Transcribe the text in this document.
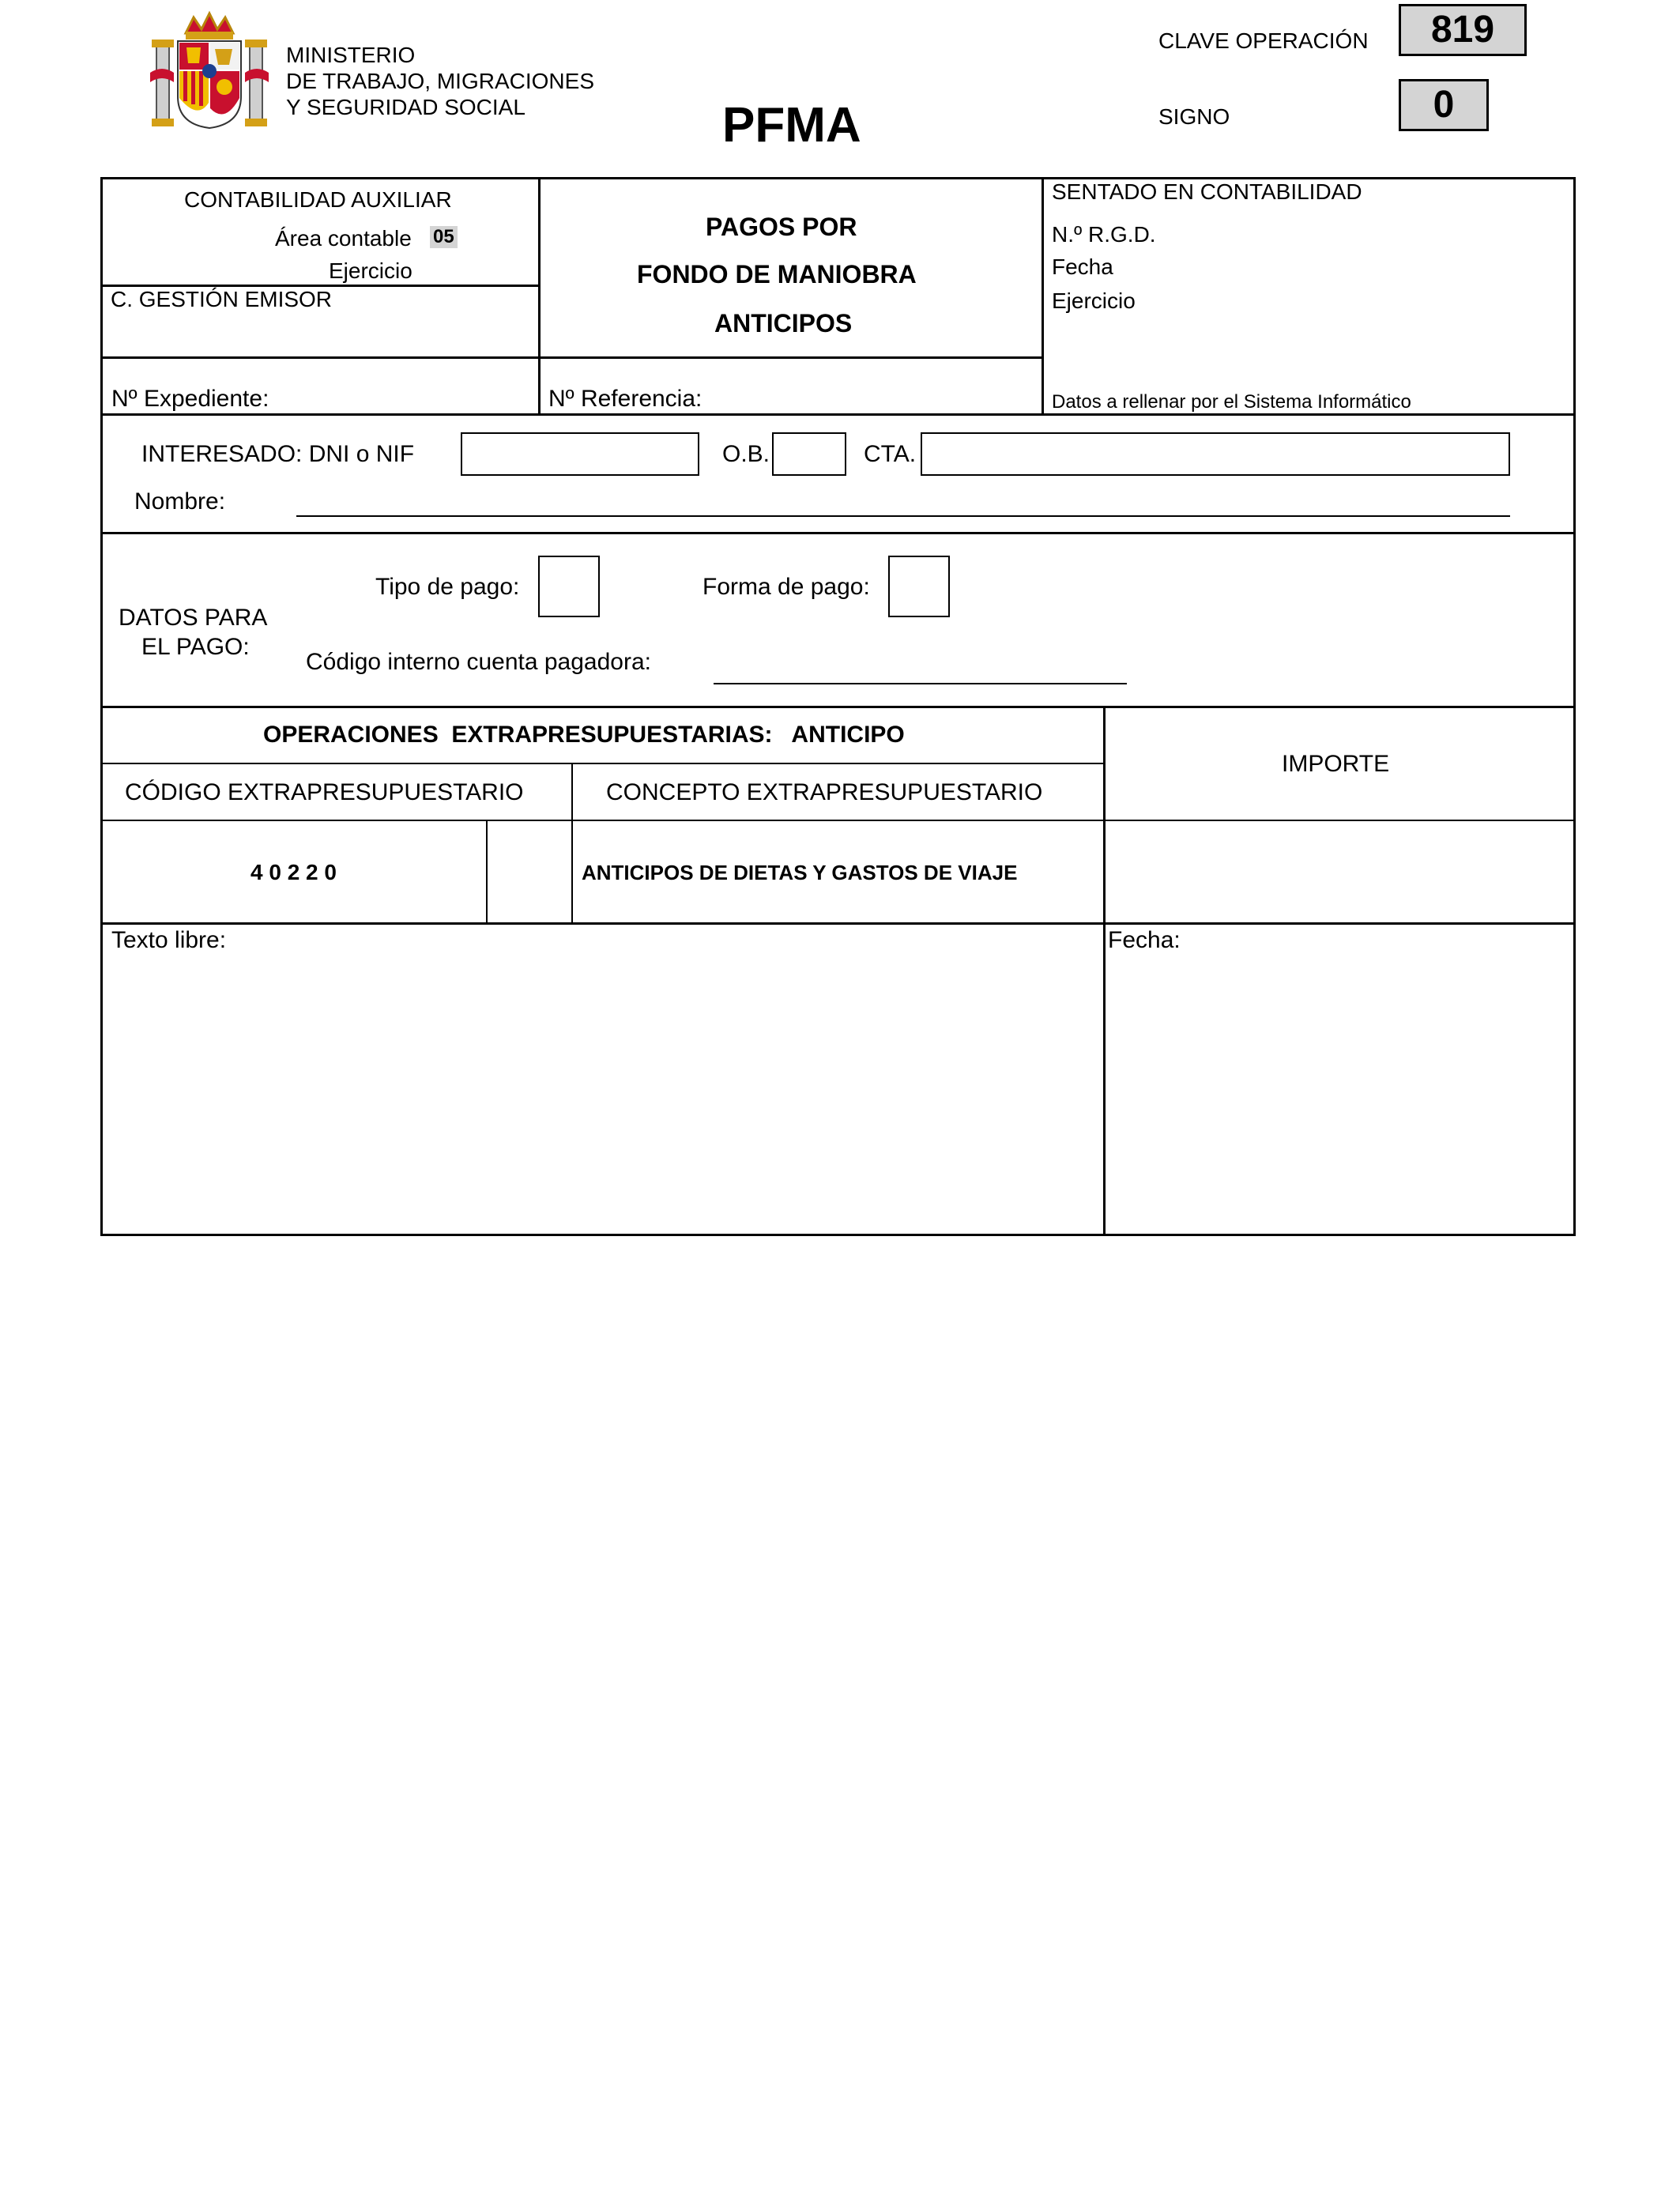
MINISTERIO
DE TRABAJO, MIGRACIONES
Y SEGURIDAD SOCIAL	PFMA
CLAVE OPERACIÓN	819
SIGNO	0
CONTABILIDAD AUXILIAR
Área contable 05
Ejercicio
C. GESTIÓN EMISOR
PAGOS POR
FONDO DE MANIOBRA
ANTICIPOS
SENTADO EN CONTABILIDAD
N.º R.G.D.
Fecha
Ejercicio
Datos a rellenar por el Sistema Informático
Nº Expediente:	Nº Referencia:
INTERESADO: DNI o NIF	O.B.	CTA.
Nombre:
DATOS PARA
EL PAGO:
Tipo de pago:	Forma de pago:
Código interno cuenta pagadora:
OPERACIONES  EXTRAPRESUPUESTARIAS:   ANTICIPO
CÓDIGO EXTRAPRESUPUESTARIO	CONCEPTO EXTRAPRESUPUESTARIO
IMPORTE
4 0 2 2 0	ANTICIPOS DE DIETAS Y GASTOS DE VIAJE
Texto libre:	Fecha:
